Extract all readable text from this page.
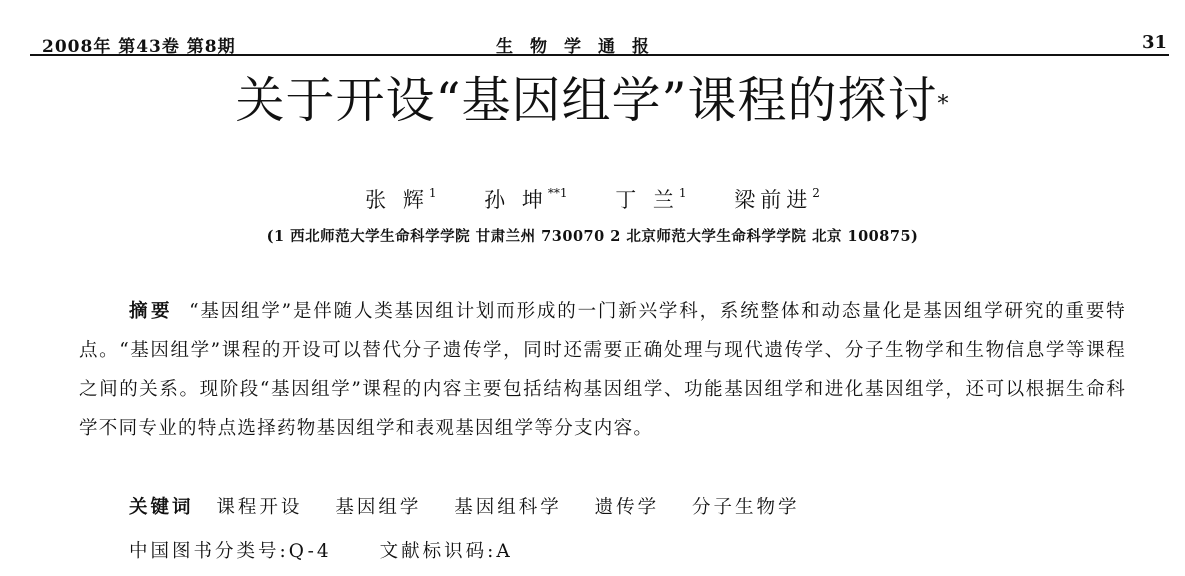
2008年 第43卷 第8期	生物学通报	31
关于开设“基因组学”课程的探讨*
张 辉$^1$ 孙 坤$^{**1}$ 丁 兰$^1$ 梁前进$^2$
(1 西北师范大学生命科学学院 甘肃兰州 730070 2 北京师范大学生命科学学院 北京 100875)
摘要 “基因组学”是伴随人类基因组计划而形成的一门新兴学科，系统整体和动态量化是基因组学研究的重要特点。“基因组学”课程的开设可以替代分子遗传学，同时还需要正确处理与现代遗传学、分子生物学和生物信息学等课程之间的关系。现阶段“基因组学”课程的内容主要包括结构基因组学、功能基因组学和进化基因组学，还可以根据生命科学不同专业的特点选择药物基因组学和表观基因组学等分支内容。
关键词 课程开设 基因组学 基因组科学 遗传学 分子生物学
中国图书分类号:Q-4	文献标识码:A
